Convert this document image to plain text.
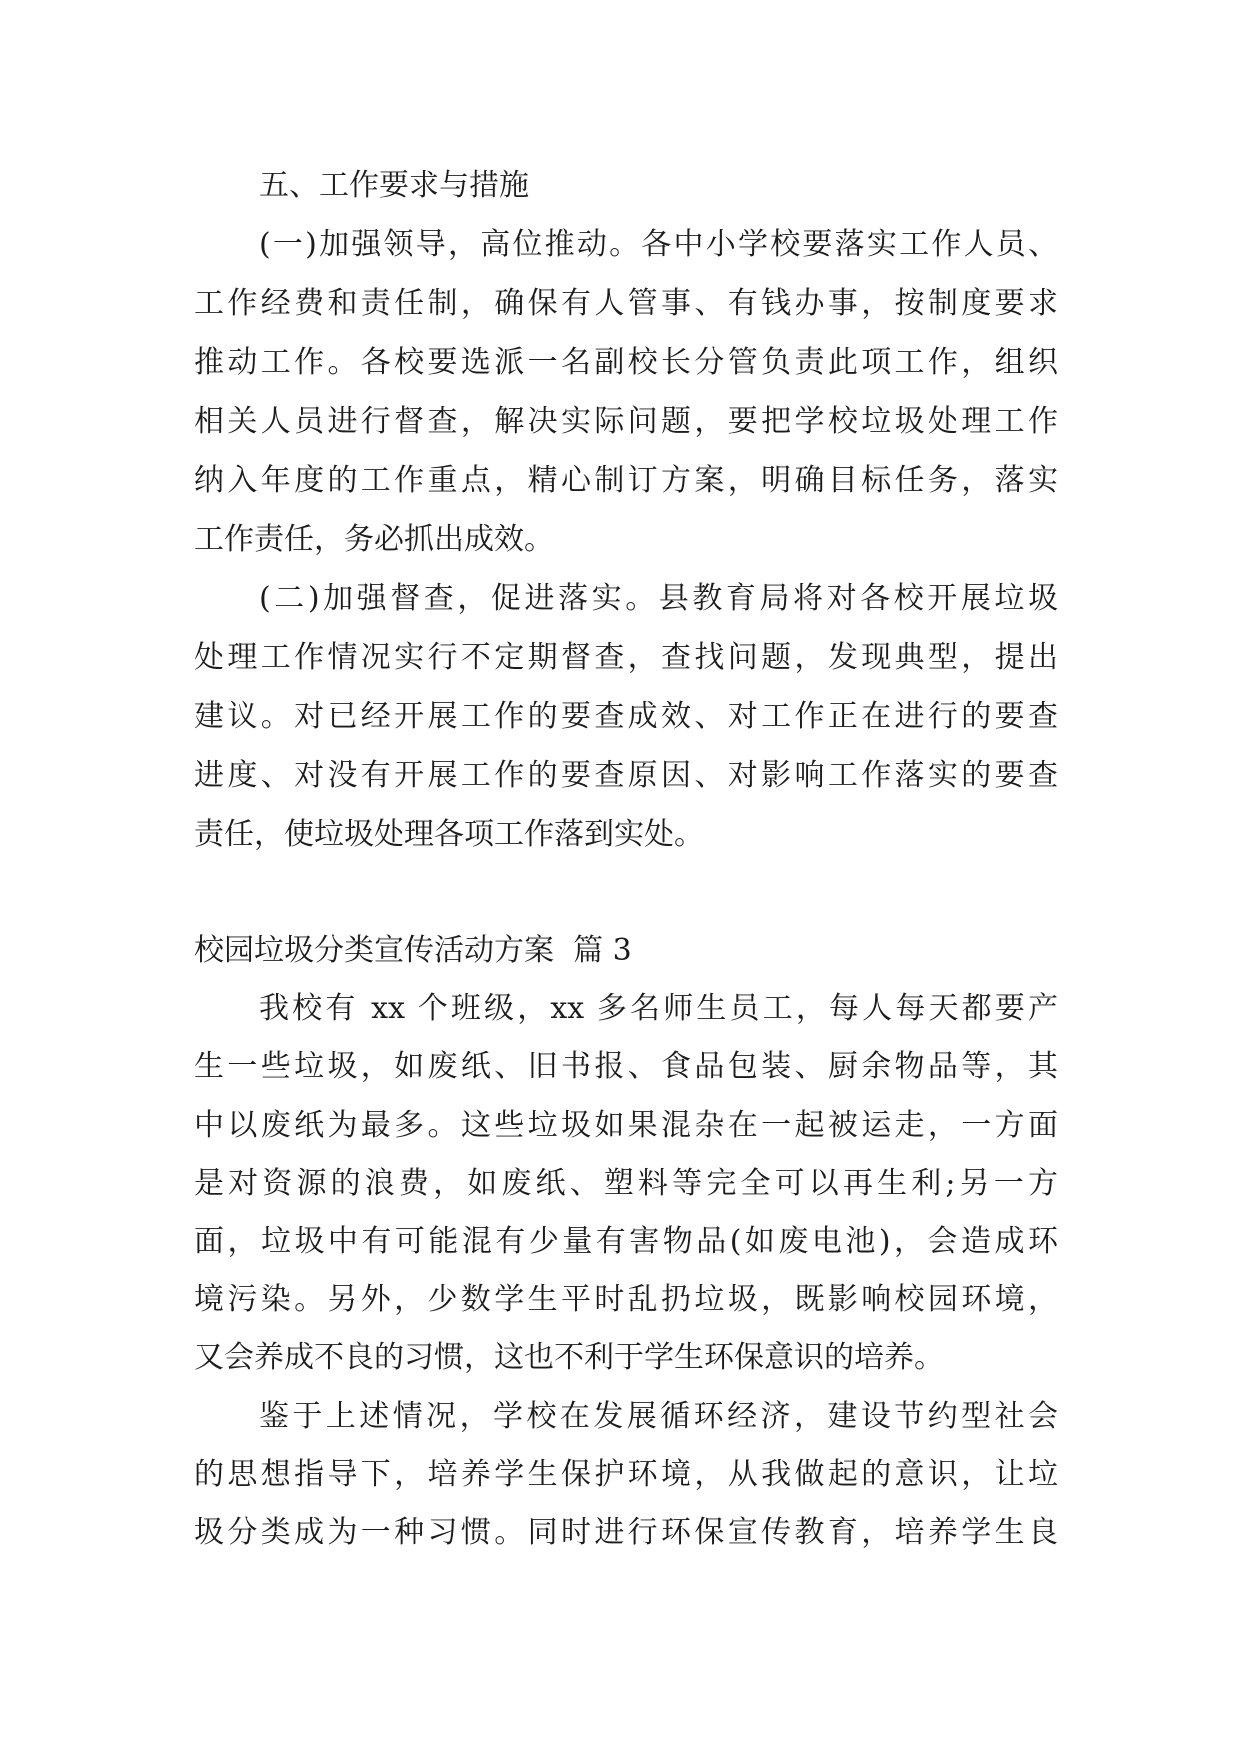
五、工作要求与措施
(一)加强领导，高位推动。各中小学校要落实工作人员、
工作经费和责任制，确保有人管事、有钱办事，按制度要求
推动工作。各校要选派一名副校长分管负责此项工作，组织
相关人员进行督查，解决实际问题，要把学校垃圾处理工作
纳入年度的工作重点，精心制订方案，明确目标任务，落实
工作责任，务必抓出成效。
(二)加强督查，促进落实。县教育局将对各校开展垃圾
处理工作情况实行不定期督查，查找问题，发现典型，提出
建议。对已经开展工作的要查成效、对工作正在进行的要查
进度、对没有开展工作的要查原因、对影响工作落实的要查
责任，使垃圾处理各项工作落到实处。
校园垃圾分类宣传活动方案  篇 3
我校有 xx 个班级，xx 多名师生员工，每人每天都要产
生一些垃圾，如废纸、旧书报、食品包装、厨余物品等，其
中以废纸为最多。这些垃圾如果混杂在一起被运走，一方面
是对资源的浪费，如废纸、塑料等完全可以再生利;另一方
面，垃圾中有可能混有少量有害物品(如废电池)，会造成环
境污染。另外，少数学生平时乱扔垃圾，既影响校园环境，
又会养成不良的习惯，这也不利于学生环保意识的培养。
鉴于上述情况，学校在发展循环经济，建设节约型社会
的思想指导下，培养学生保护环境，从我做起的意识，让垃
圾分类成为一种习惯。同时进行环保宣传教育，培养学生良
